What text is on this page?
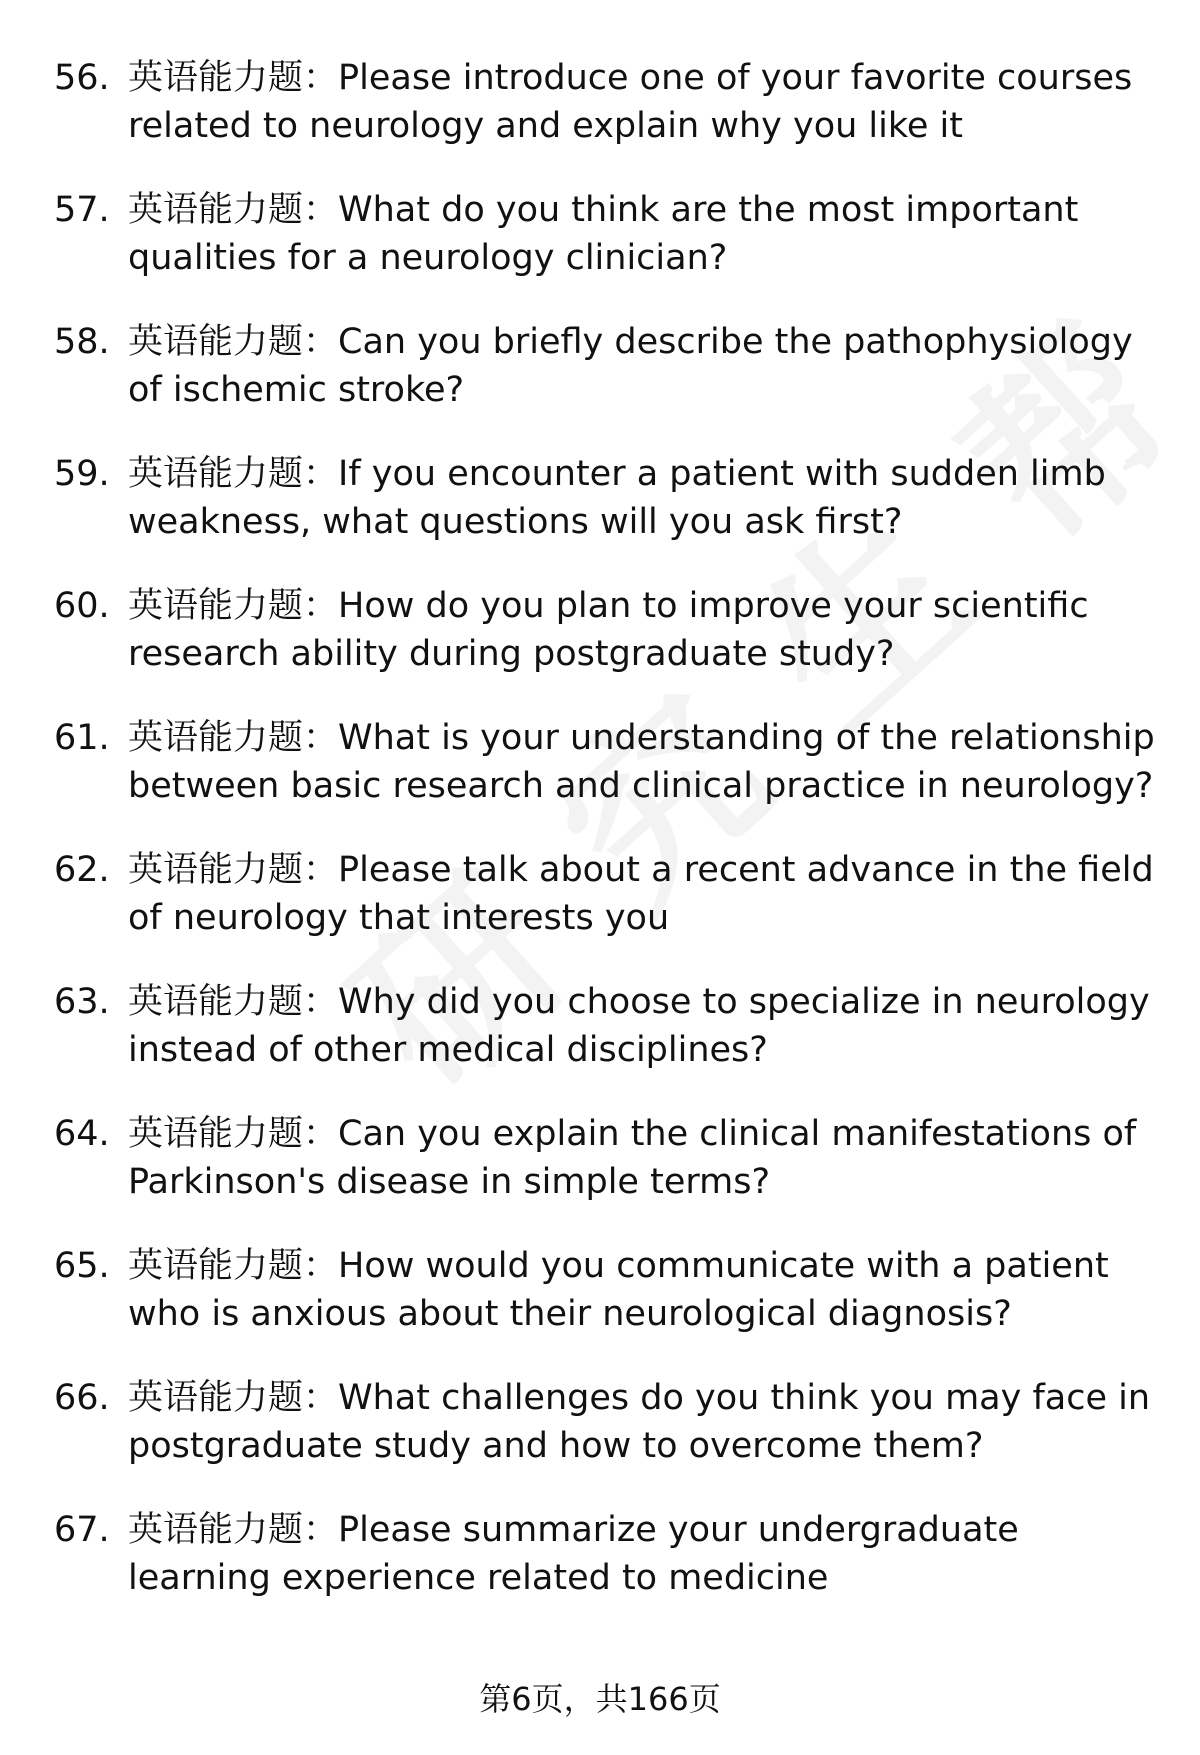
56. 英语能力题：Please introduce one of your favorite courses related to neurology and explain why you like it
57. 英语能力题：What do you think are the most important qualities for a neurology clinician?
58. 英语能力题：Can you briefly describe the pathophysiology of ischemic stroke?
59. 英语能力题：If you encounter a patient with sudden limb weakness, what questions will you ask first?
60. 英语能力题：How do you plan to improve your scientific research ability during postgraduate study?
61. 英语能力题：What is your understanding of the relationship between basic research and clinical practice in neurology?
62. 英语能力题：Please talk about a recent advance in the field of neurology that interests you
63. 英语能力题：Why did you choose to specialize in neurology instead of other medical disciplines?
64. 英语能力题：Can you explain the clinical manifestations of Parkinson's disease in simple terms?
65. 英语能力题：How would you communicate with a patient who is anxious about their neurological diagnosis?
66. 英语能力题：What challenges do you think you may face in postgraduate study and how to overcome them?
67. 英语能力题：Please summarize your undergraduate learning experience related to medicine
第6页，共166页
